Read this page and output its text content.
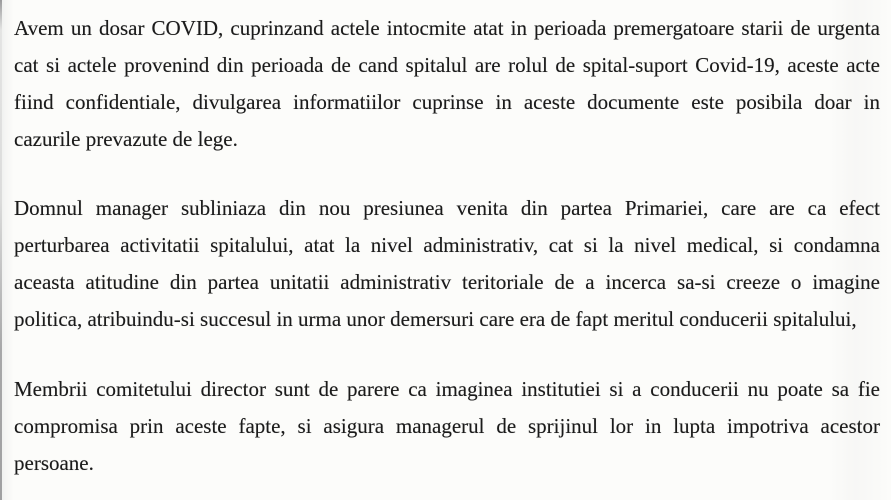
Avem un dosar COVID, cuprinzand actele intocmite atat in perioada premergatoare starii de urgenta
cat si actele provenind din perioada de cand spitalul are rolul de spital-suport Covid-19, aceste acte
fiind confidentiale, divulgarea informatiilor cuprinse in aceste documente este posibila doar in
cazurile prevazute de lege.
Domnul manager subliniaza din nou presiunea venita din partea Primariei, care are ca efect
perturbarea activitatii spitalului, atat la nivel administrativ, cat si la nivel medical, si condamna
aceasta atitudine din partea unitatii administrativ teritoriale de a incerca sa-si creeze o imagine
politica, atribuindu-si succesul in urma unor demersuri care era de fapt meritul conducerii spitalului,
Membrii comitetului director sunt de parere ca imaginea institutiei si a conducerii nu poate sa fie
compromisa prin aceste fapte, si asigura managerul de sprijinul lor in lupta impotriva acestor
persoane.
